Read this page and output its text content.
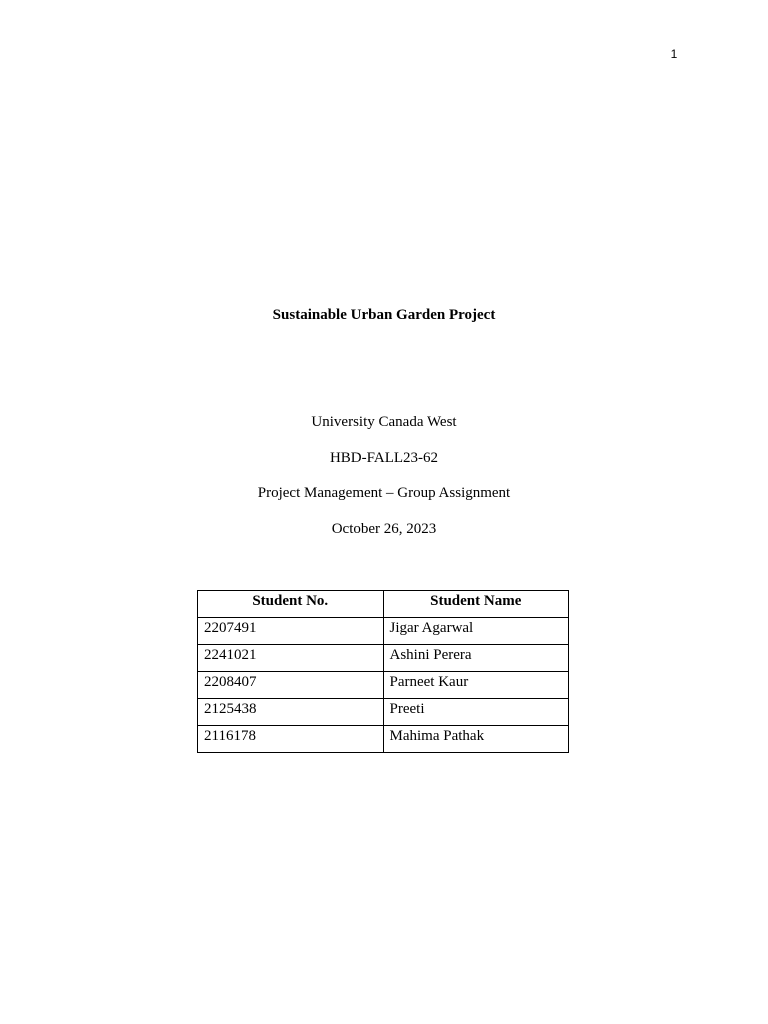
1
Sustainable Urban Garden Project
University Canada West
HBD-FALL23-62
Project Management – Group Assignment
October 26, 2023
Student No.	Student Name
2207491	Jigar Agarwal
2241021	Ashini Perera
2208407	Parneet Kaur
2125438	Preeti
2116178	Mahima Pathak
